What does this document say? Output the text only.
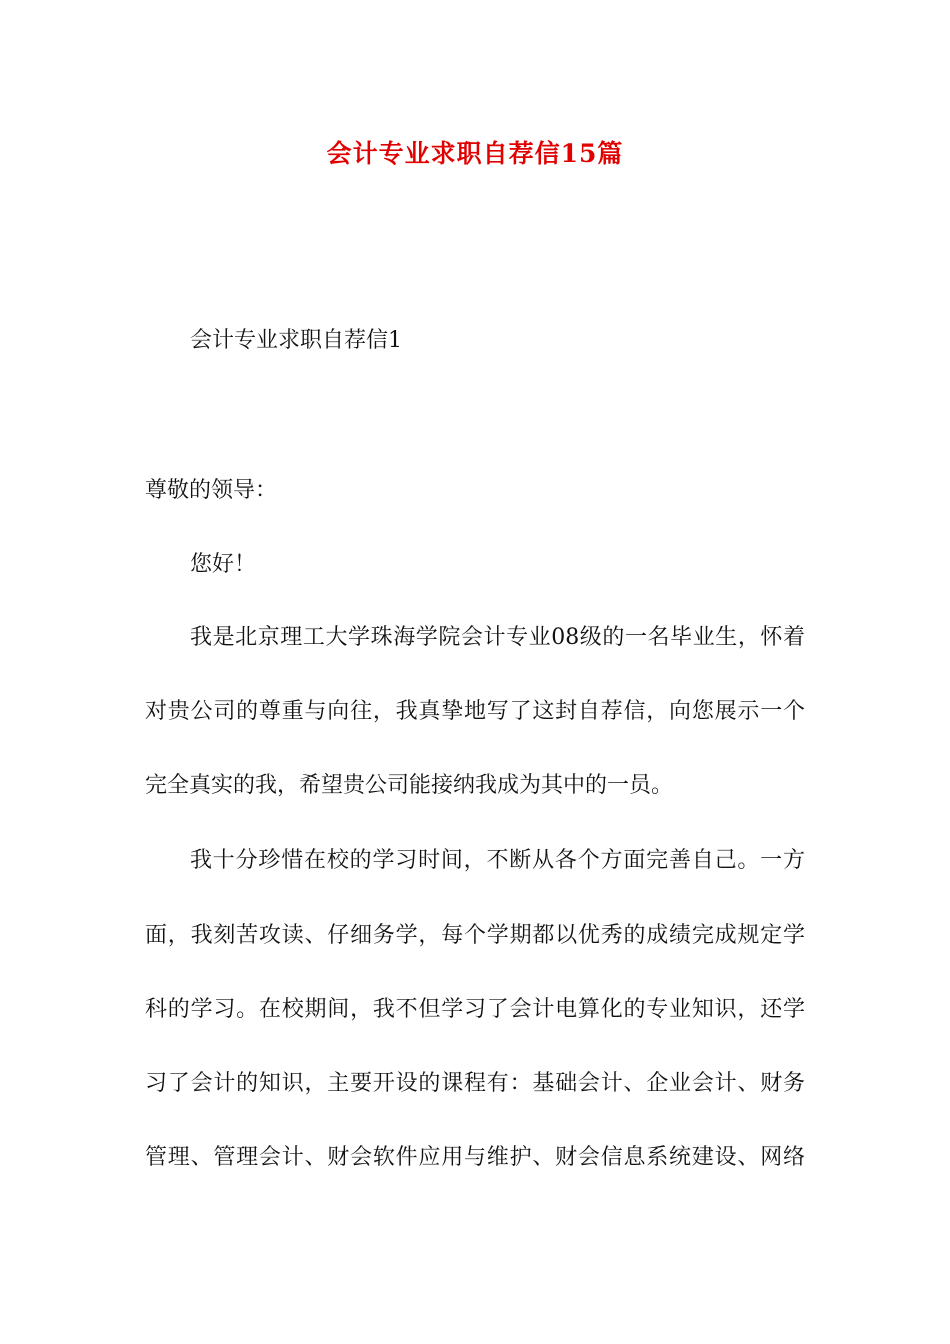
会计专业求职自荐信15篇
会计专业求职自荐信1
尊敬的领导：
您好！
我是北京理工大学珠海学院会计专业08级的一名毕业生，怀着
对贵公司的尊重与向往，我真挚地写了这封自荐信，向您展示一个
完全真实的我，希望贵公司能接纳我成为其中的一员。
我十分珍惜在校的学习时间，不断从各个方面完善自己。一方
面，我刻苦攻读、仔细务学，每个学期都以优秀的成绩完成规定学
科的学习。在校期间，我不但学习了会计电算化的专业知识，还学
习了会计的知识，主要开设的课程有：基础会计、企业会计、财务
管理、管理会计、财会软件应用与维护、财会信息系统建设、网络
